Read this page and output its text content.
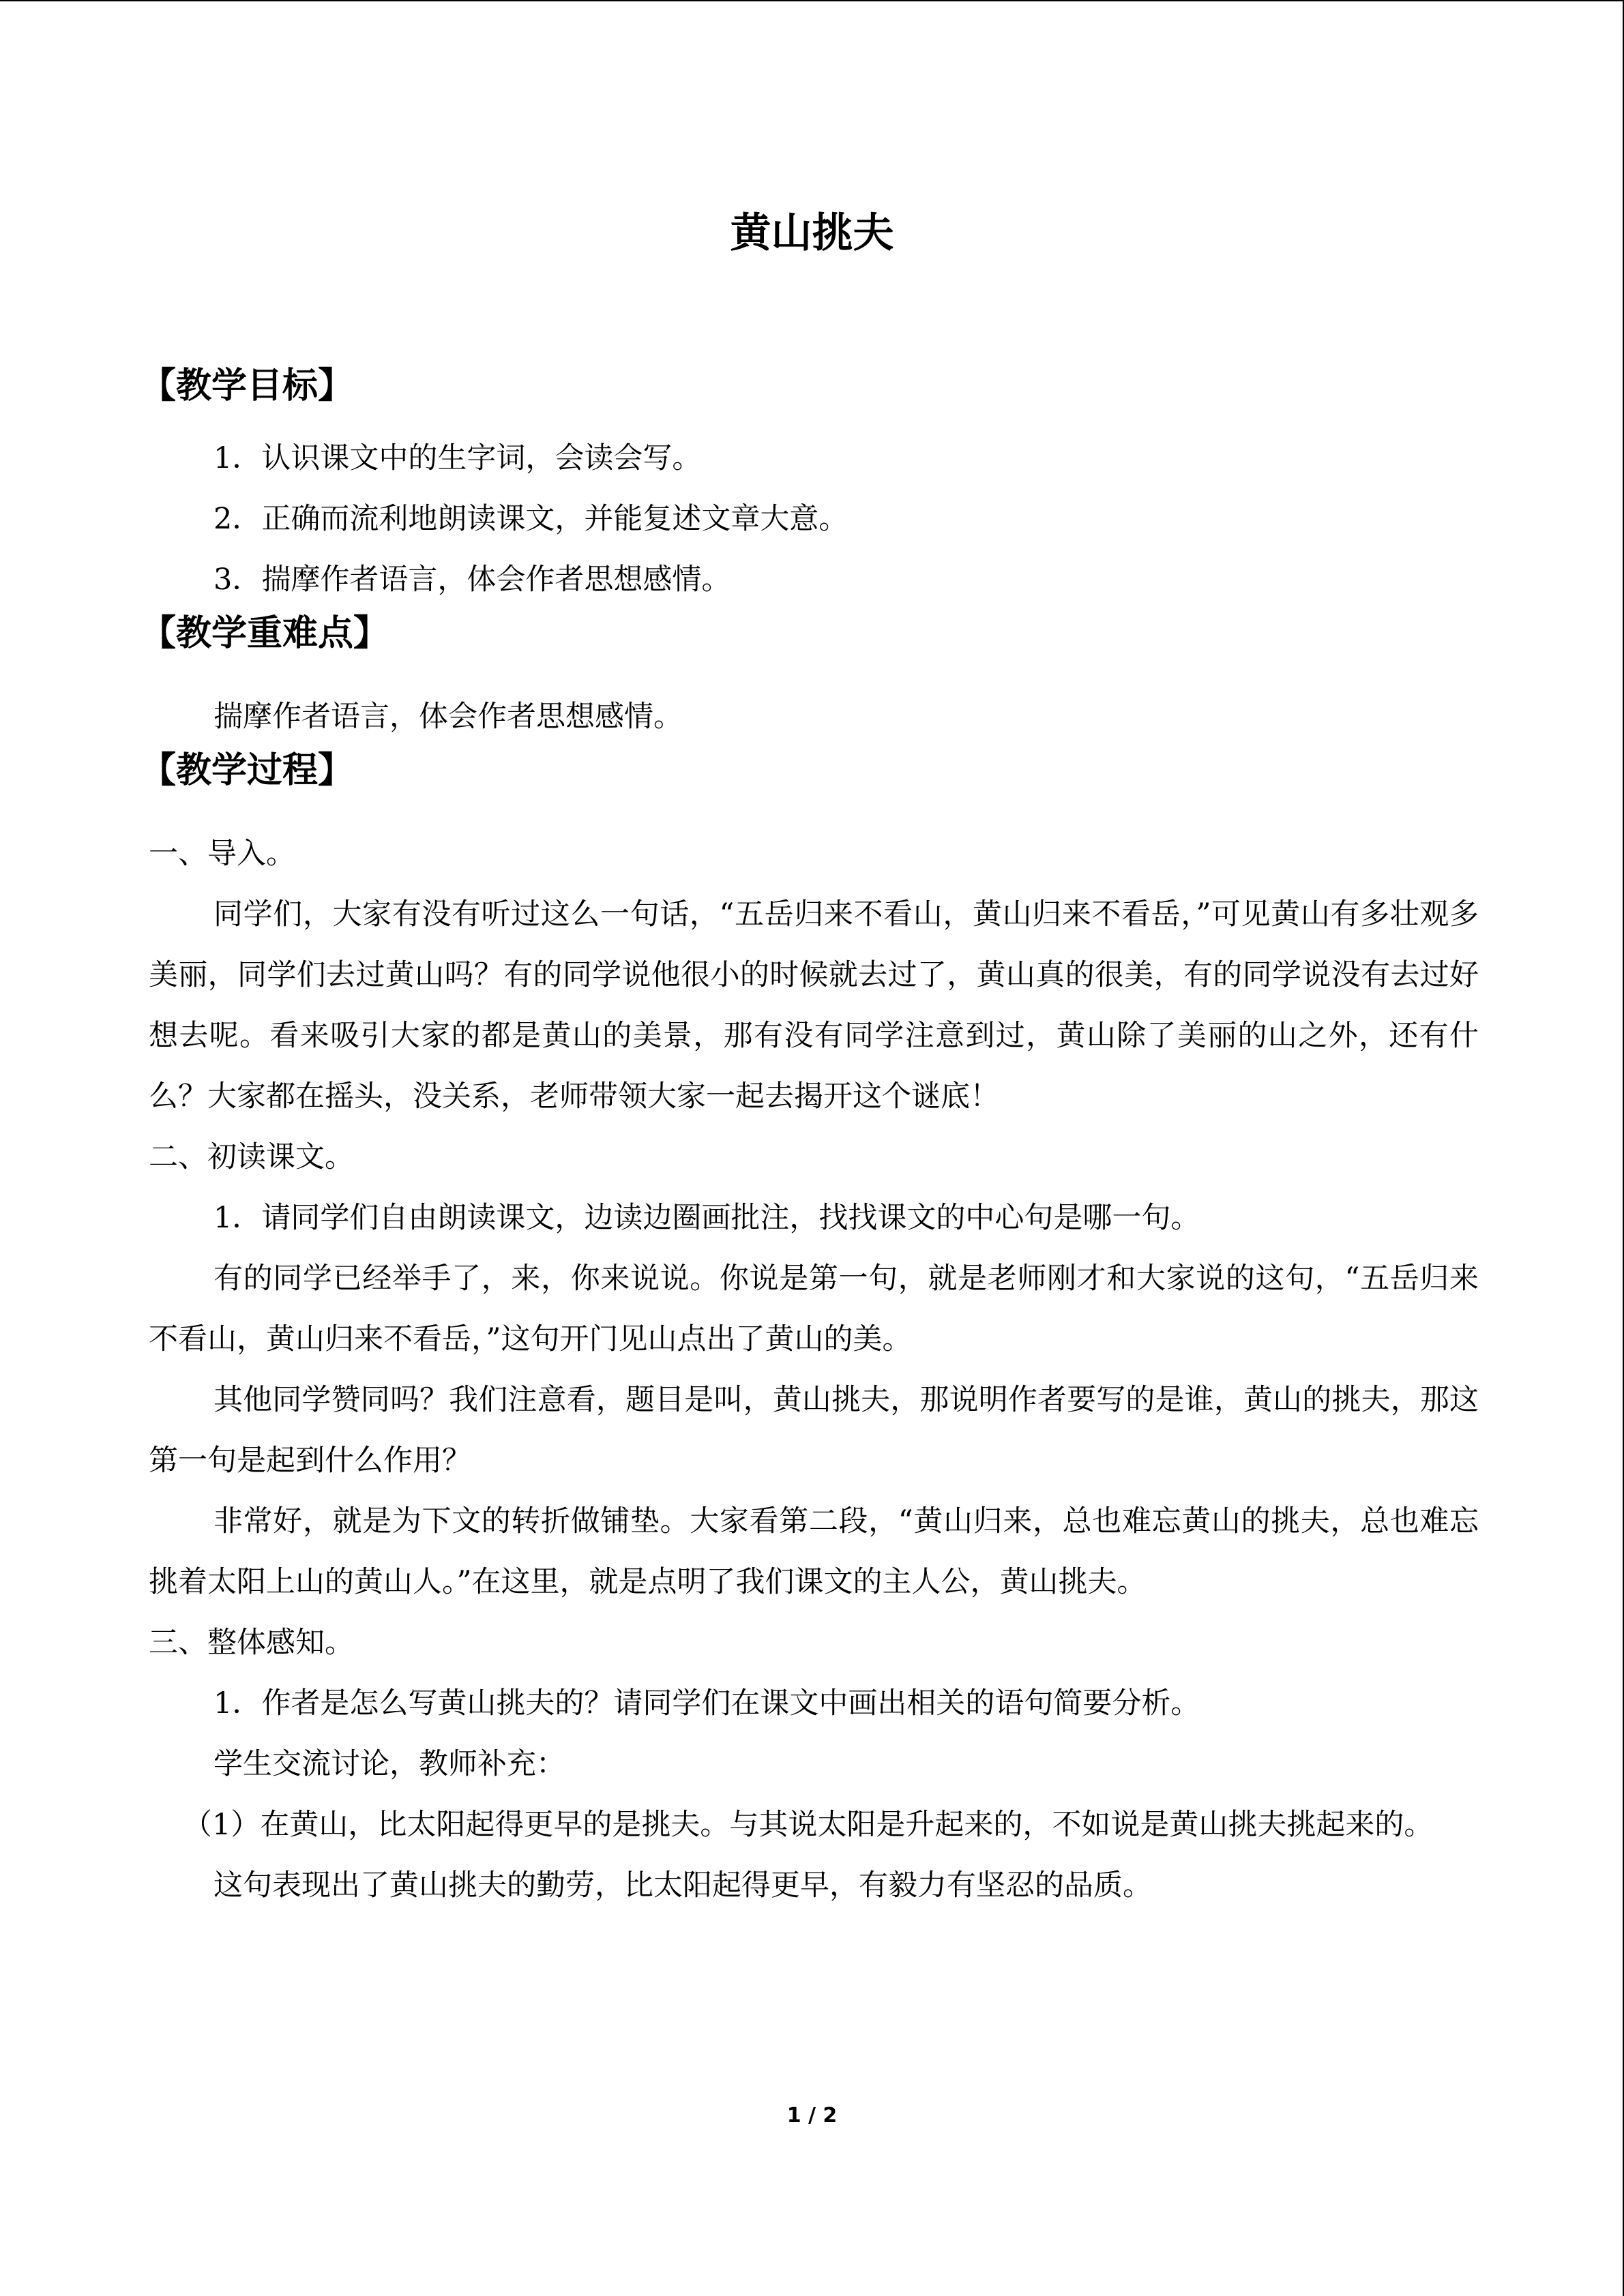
黄山挑夫
【教学目标】

1．认识课文中的生字词，会读会写。

2．正确而流利地朗读课文，并能复述文章大意。

3．揣摩作者语言，体会作者思想感情。

【教学重难点】

揣摩作者语言，体会作者思想感情。

【教学过程】

一、导入。

同学们，大家有没有听过这么一句话，“五岳归来不看山，黄山归来不看岳，”可见黄山有多壮观多美丽，同学们去过黄山吗？有的同学说他很小的时候就去过了，黄山真的很美，有的同学说没有去过好想去呢。看来吸引大家的都是黄山的美景，那有没有同学注意到过，黄山除了美丽的山之外，还有什么？大家都在摇头，没关系，老师带领大家一起去揭开这个谜底！

二、初读课文。

1．请同学们自由朗读课文，边读边圈画批注，找找课文的中心句是哪一句。

有的同学已经举手了，来，你来说说。你说是第一句，就是老师刚才和大家说的这句，“五岳归来不看山，黄山归来不看岳，”这句开门见山点出了黄山的美。

其他同学赞同吗？我们注意看，题目是叫，黄山挑夫，那说明作者要写的是谁，黄山的挑夫，那这第一句是起到什么作用？

非常好，就是为下文的转折做铺垫。大家看第二段，“黄山归来，总也难忘黄山的挑夫，总也难忘挑着太阳上山的黄山人。”在这里，就是点明了我们课文的主人公，黄山挑夫。

三、整体感知。

1．作者是怎么写黄山挑夫的？请同学们在课文中画出相关的语句简要分析。

学生交流讨论，教师补充：

（1）在黄山，比太阳起得更早的是挑夫。与其说太阳是升起来的，不如说是黄山挑夫挑起来的。

这句表现出了黄山挑夫的勤劳，比太阳起得更早，有毅力有坚忍的品质。

1 / 2
